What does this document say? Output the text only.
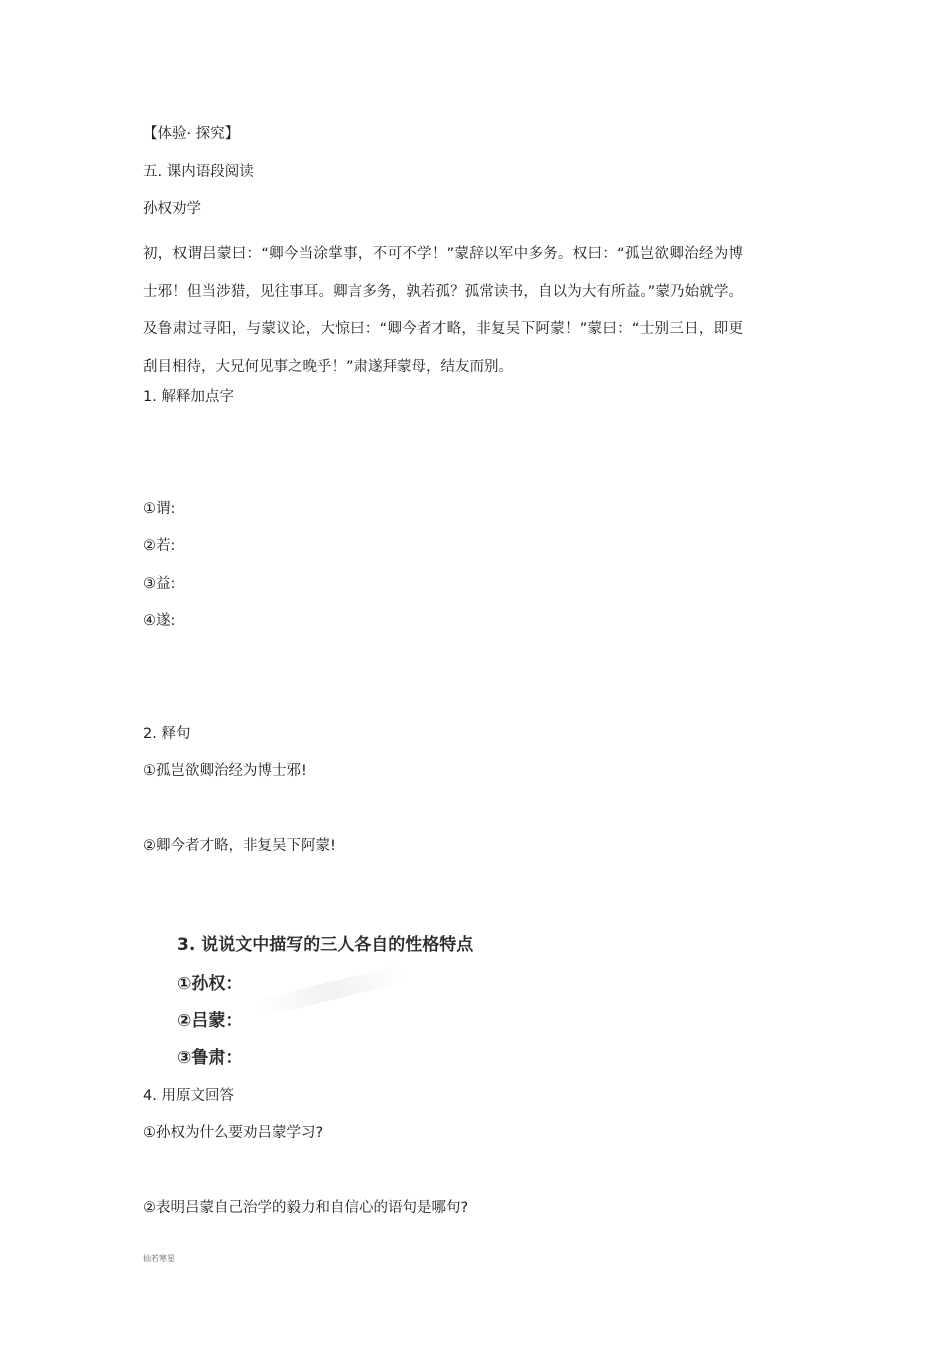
【体验· 探究】
五. 课内语段阅读
孙权劝学
初，权谓吕蒙曰：“卿今当涂掌事，不可不学！”蒙辞以军中多务。权曰：“孤岂欲卿治经为博士邪！但当涉猎，见往事耳。卿言多务，孰若孤？孤常读书，自以为大有所益。”蒙乃始就学。及鲁肃过寻阳，与蒙议论，大惊曰：“卿今者才略，非复吴下阿蒙！”蒙曰：“士别三日，即更刮目相待，大兄何见事之晚乎！”肃遂拜蒙母，结友而别。
1. 解释加点字
①谓:
②若:
③益:
④遂:
2. 释句
①孤岂欲卿治经为博士邪!
②卿今者才略，非复吴下阿蒙!
3. 说说文中描写的三人各自的性格特点
①孙权：
②吕蒙：
③鲁肃：
4. 用原文回答
①孙权为什么要劝吕蒙学习?
②表明吕蒙自己治学的毅力和自信心的语句是哪句?
仙若寒星
